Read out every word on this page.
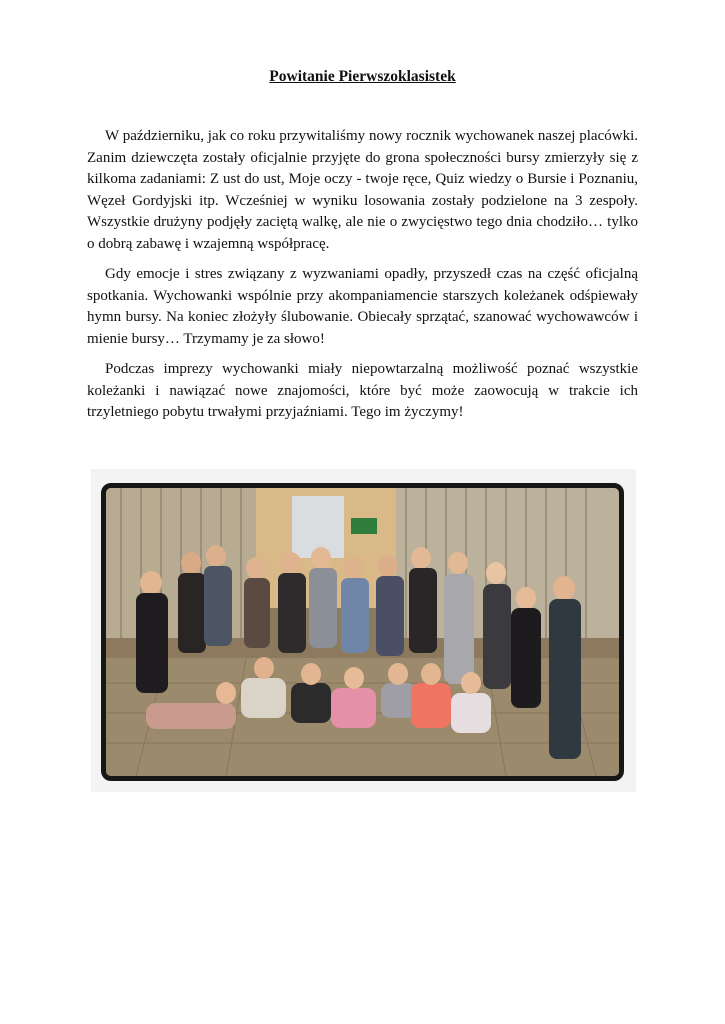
Powitanie Pierwszoklasistek

W październiku, jak co roku przywitaliśmy nowy rocznik wychowanek naszej placówki. Zanim dziewczęta zostały oficjalnie przyjęte do grona społeczności bursy zmierzyły się z kilkoma zadaniami: Z ust do ust, Moje oczy - twoje ręce, Quiz wiedzy o Bursie i Poznaniu, Węzeł Gordyjski itp. Wcześniej w wyniku losowania zostały podzielone na 3 zespoły. Wszystkie drużyny podjęły zaciętą walkę, ale nie o zwycięstwo tego dnia chodziło… tylko o dobrą zabawę i wzajemną współpracę.

Gdy emocje i stres związany z wyzwaniami opadły, przyszedł czas na część oficjalną spotkania. Wychowanki wspólnie przy akompaniamencie starszych koleżanek odśpiewały hymn bursy. Na koniec złożyły ślubowanie. Obiecały sprzątać, szanować wychowawców i mienie bursy… Trzymamy je za słowo!

Podczas imprezy wychowanki miały niepowtarzalną możliwość poznać wszystkie koleżanki i nawiązać nowe znajomości, które być może zaowocują w trakcie ich trzyletniego pobytu trwałymi przyjaźniami. Tego im życzymy!
